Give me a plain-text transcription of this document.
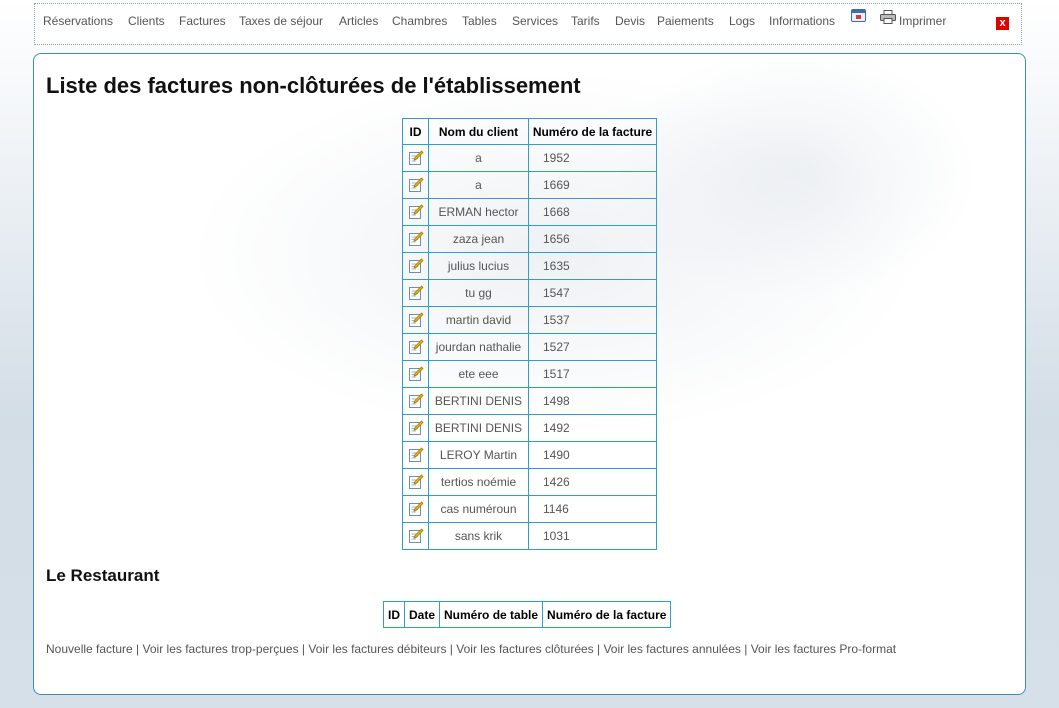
Réservations Clients Factures Taxes de séjour Articles Chambres Tables Services Tarifs Devis Paiements Logs Informations	Imprimer	x
Liste des factures non-clôturées de l'établissement
ID	Nom du client	Numéro de la facture
	a	1952
	a	1669
	ERMAN hector	1668
	zaza jean	1656
	julius lucius	1635
	tu gg	1547
	martin david	1537
	jourdan nathalie	1527
	ete eee	1517
	BERTINI DENIS	1498
	BERTINI DENIS	1492
	LEROY Martin	1490
	tertios noémie	1426
	cas numéroun	1146
	sans krik	1031
Le Restaurant
ID	Date	Numéro de table	Numéro de la facture
Nouvelle facture | Voir les factures trop-perçues | Voir les factures débiteurs | Voir les factures clôturées | Voir les factures annulées | Voir les factures Pro-format
